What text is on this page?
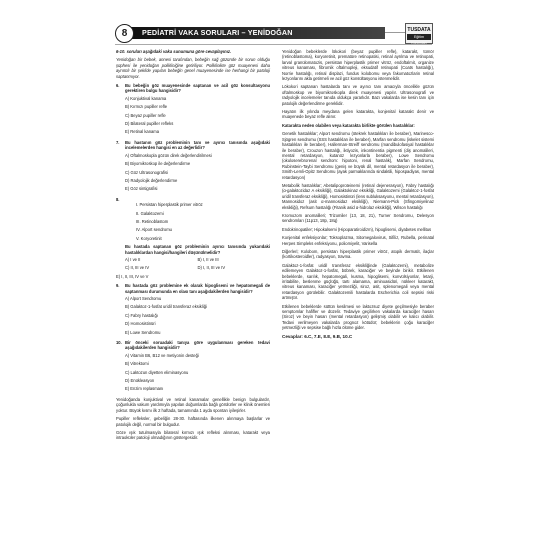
8	PEDİATRİ VAKA SORULARI – YENİDOĞAN	TUSDATA
Eğitim Kurumları

6-10. soruları aşağıdaki vaka sunumuna göre cevaplayınız.

Yenidoğan bir bebek, annesi tarafından, bebeğin sağ gözünde bir sorun olduğu şüphesi ile yenidoğan polikliniğine getiriliyor. Poliklinikte göz muayenesi daha ayrıntılı bir şekilde yapılan bebeğin genel muayenesinde ise herhangi bir patoloji saptanmıyor.

6.	Bu bebeğin göz muayenesinde saptanan ve acil göz konsultasyonu gerektiren bulgu hangisidir?

A) Konjuktival kanama

B) Kırmızı pupiller refle

C) Beyaz pupiller refle

D) Bilateral pupiller refleks

E) Retinal kanama

7.	Bu hastanın göz probleminin tanı ve ayırıcı tanısında aşağıdaki incelemelerden hangisi en az değerlidir?

A) Oftalmoskopla gözün direk değerlendirilmesi

B) Biyomikroskop ile değerlendirme

C) Göz Ultrasonografisi

D) Radyolojik değerlendirme

E) Göz sintigrafisi

8.

I. Persistan hiperplastik primer vitröz

II. Galaktozemi

III. Retinoblastom

IV. Alport sendromu

V. Koryoretinit

Bu hastada saptanan göz probleminin ayırıcı tanısında yukarıdaki hastalıklardan hangisi/hangileri düşünülmelidir?

A) I ve II	B) I, II ve III

C) II, III ve IV	D) I, II, III ve IV

E) I, II, III, IV ve V

9.	Bu hastada göz problemine ek olarak hipoglisemi ve hepatomegali de saptanması durumunda en olası tanı aşağıdakilerden hangisidir?

A) Alport Sendromu

B) Galaktoz-1-fosfat uridil transferaz eksikliği

C) Fabry hastalığı

D) Homosistinüri

E) Lowe Sendromu

10. Bir önceki soruadaki tanıya göre uygulanması gereken tedavi aşağıdakilerden hangisidir?

A) Vitamin B6, B12 ve metiyonin desteği

B) Vitrektomi

C) Laktozun diyetten eliminasyonu

D) Enükleasyon

E) Enzim replasmanı

Yenidoğanda konjuktival ve retinal kanamalar genellikle benign bulgulardır, çoğunlukla vakum yardımıyla yapılan doğumlarda bağlı görülürler ve klinik önemleri yoktur. Büyük kısmı ilk 2 haftada, tamamında 1 ayda spontan iyileşirler.

Pupiller refleksler, gebeliğin 28-30. haftasında ilkenen alınmaya başlarlar ve patolojik değil, normal bir bulgudur.

Göze ışık tutulmasıyla bilateral kırmızı ışık refleksi alınması, katarakt veya intraoküler patoloji olmadığının göstergesidir.

Yenidoğan bebeklerde lökokori (beyaz pupiller refle), katarakt, tümör (retinoblastoma), koryoretinit, prematüre retinopatisi, retinal ayrılma ve retinopati, larval granülomatozis, persistan hiperplastik primer vitröz, endoftalmit, organize vitreus kanaması, fibromik oftalmopleji, eksudatif retinopati (Coats hastalığı), Norrie hastalığı, retinal displazi, fundus kolobomu veya fakomatozlarin retinal lezyonlarını akla getirmeli ve acil göz konsültasyonu istenmelidir.

Lökokori saptanan hastalarda tanı ve ayırıcı tanı amacıyla öncelikle gözün oftalmoskop ve biyomikroskopla direk muayenesi yapılır. Ultrasonografi ve radyolojik incelemeler tanıda oldukça yararlıdır. Bazı vakalarda ise kesin tanı için patolojik değerlendirme gereklidir.

Hayatın ilk yılında meydana gelen katarakta, konjenital katarakt denir ve muayenede beyaz refle alınır.

Katarakta neden olabilen veya katarakta birlikte görülen hastalıklar:

Genetik hastalıklar; Alport sendromu (ötekrek hastalıkları ile beraber), Marinesco-Sjögren sendromu (SSS hastalıkları ile beraber), Marfan sendromu (iskelet sistemi hastalıkları ile beraber), Hallerman-Streiff sendromu (mandibulofasiyal hastalıklar ile beraber), Crouzon hastalığı, iktiyozis, inkontinentia pigmenti (diş anomalileri, mental retardasyon, kutanöz lezyonlarla beraber), Lowe Sendromu (okuloserebrorenal sendrom: hipotoni, renal hastalık), Marfan Sendromu, Rubinstein-Taybi Sendromu (geniş ve büyük dil, mental retardasyon ile beraber), Smith-Lemli-Opitz Sendromu (ayak parmaklarında sindaktili, hipospadiyas, mental retardasyon)

Metabolik hastalıklar; Abetalipoproteinemi (retinal dejenerasyon), Fabry hastalığı (α-galaktozidaz A eksikliği), Galaktokinaz eksikliği, Galaktozemi (Galaktoz-1-fosfat uridil transferaz eksikliği), Homosistinüri (lens subluksasyonu, mental retardasyon), Mannosidoz (asit α-mannosidaz eksikliği), Niemann-Pick (Sfingomiyelinaz eksikliği), Refsum hastalığı (Fitanik asid α-hidrolaz eksikliği), Wilson hastalığı

Kromozom anomalileri; Trizomiler (13, 18, 21), Turner Sendromu, Delesyon sendromları (11p13, 18p, 18q)

Endokrinopatiler; Hipokalsemi (Hipoparatiroidizm), hipoglisemi, diyabetes mellitus

Konjenital enfeksiyonlar; Toksoplazma, Sitomegalovirus, Sifiliz, Rubella, perinatal Herpes Simpleks enfeksiyonu, poliomiyelit, Varisella

Diğerleri; Kolobom, persistan hiperplastik primer vitröz, atopik dermatit, ilaçlar (kortikosteroidler), radyasyon, travma.

Galaktoz-1-fosfat uridil transferaz eksikliğinde (Galaktozemi), metabolize edilemeyen Galaktoz-1-fosfat, böbrek, karaciğer ve beyinde birikir. Etkilenen bebeklerde, sarılık, hepatomegali, kusma, hipoglisemi, konvülsiyonlar, letarji, irritabilite, beslenme güçlüğü, tartı alamama, aminoasidüri, nükleer katarakt, vitreus kanaması, karaciğer yetmezliği, siroz, asit, splenomegali veya mental retardasyon görülebilir. Galaktozemili hastalarda Escherichia coli sepsisi riski artmıştır.

Etkilenen bebeklerde süttün kesilmesi ve laktozsuz diyete geçilmesiyle beraber semptomlar hafifler ve düzelir. Tedaviye geçilirken vakalarda karaciğer hasarı (Siroz) ve beyin hasarı (mental retardasyon) gelişmiş olabilir ve kalıcı olabilir. Tedavi verilmeyen vakalarda prognoz kötüdür; bebeklerin çoğu karaciğer yetmezliği ve sepsise bağlı hızla ölüme gider.

Cevaplar: 6.C, 7.E, 8.E, 9.B, 10.C
